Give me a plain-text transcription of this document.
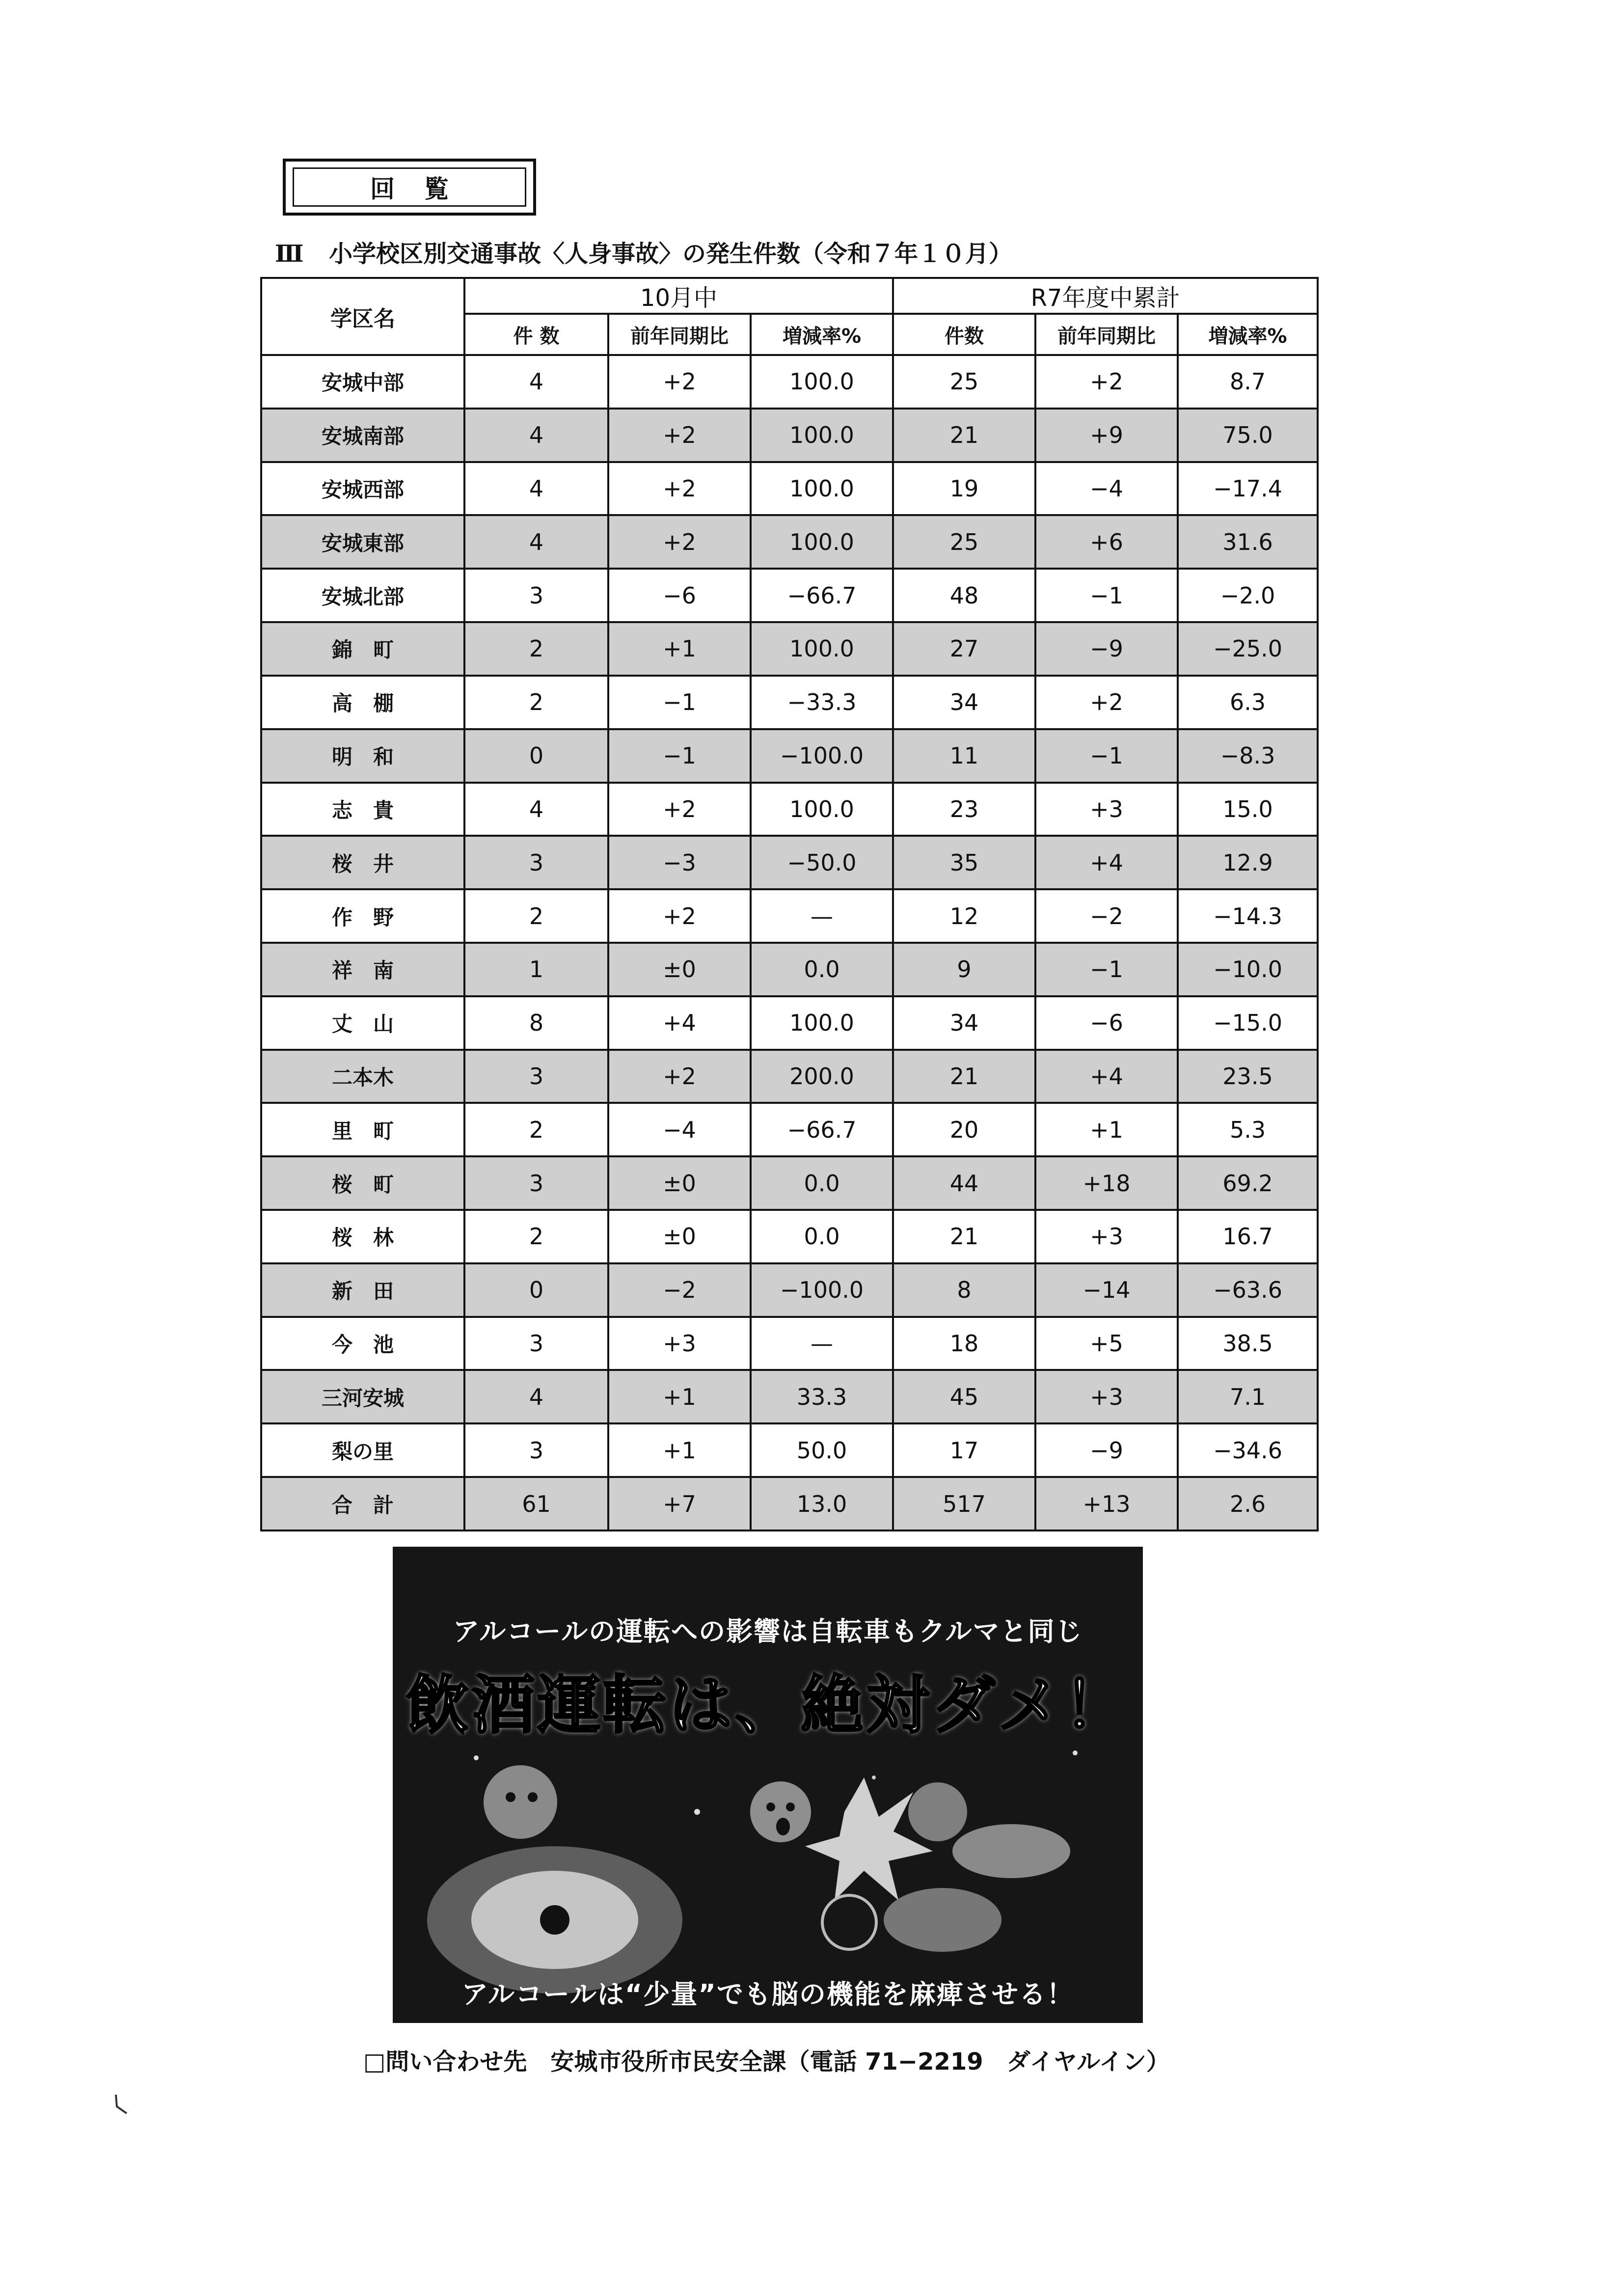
回覧
Ⅲ 小学校区別交通事故〈人身事故〉の発生件数（令和７年１０月）
学区名	10月中			R7年度中累計		
	件 数	前年同期比	増減率%	件数	前年同期比	増減率%
安城中部	4	+2	100.0	25	+2	8.7
安城南部	4	+2	100.0	21	+9	75.0
安城西部	4	+2	100.0	19	−4	−17.4
安城東部	4	+2	100.0	25	+6	31.6
安城北部	3	−6	−66.7	48	−1	−2.0
錦　町	2	+1	100.0	27	−9	−25.0
高　棚	2	−1	−33.3	34	+2	6.3
明　和	0	−1	−100.0	11	−1	−8.3
志　貴	4	+2	100.0	23	+3	15.0
桜　井	3	−3	−50.0	35	+4	12.9
作　野	2	+2	—	12	−2	−14.3
祥　南	1	±0	0.0	9	−1	−10.0
丈　山	8	+4	100.0	34	−6	−15.0
二本木	3	+2	200.0	21	+4	23.5
里　町	2	−4	−66.7	20	+1	5.3
桜　町	3	±0	0.0	44	+18	69.2
桜　林	2	±0	0.0	21	+3	16.7
新　田	0	−2	−100.0	8	−14	−63.6
今　池	3	+3	—	18	+5	38.5
三河安城	4	+1	33.3	45	+3	7.1
梨の里	3	+1	50.0	17	−9	−34.6
合　計	61	+7	13.0	517	+13	2.6
アルコールの運転への影響は自転車もクルマと同じ
飲酒運転は、絶対ダメ！
アルコールは“少量”でも脳の機能を麻痺させる！
□問い合わせ先　安城市役所市民安全課（電話 71−2219　ダイヤルイン）
